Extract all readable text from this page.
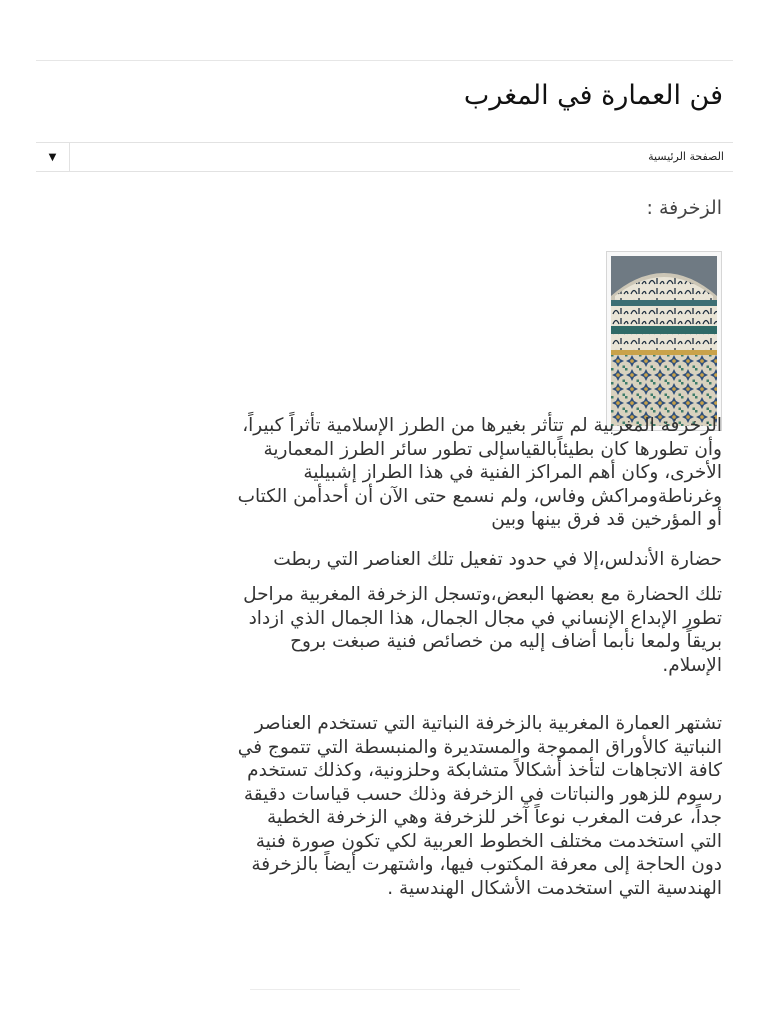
فن العمارة في المغرب
الصفحة الرئيسية
▼
الزخرفة :

الزخرفة المغربية لم تتأثر بغيرها من الطرز الإسلامية تأثراً كبيراً، وأن تطورها كان بطيئاًبالقياسإلى تطور سائر الطرز المعمارية الأخرى، وكان أهم المراكز الفنية في هذا الطراز إشبيلية وغرناطةومراكش وفاس، ولم نسمع حتى الآن أن أحدأمن الكتاب أو المؤرخين قد فرق بينها وبين

حضارة الأندلس،إلا في حدود تفعيل تلك العناصر التي ربطت

تلك الحضارة مع بعضها البعض،وتسجل الزخرفة المغربية مراحل تطور الإبداع الإنساني في مجال الجمال، هذا الجمال الذي ازداد بريقاً ولمعا نأبما أضاف إليه من خصائص فنية صبغت بروح الإسلام.

تشتهر العمارة المغربية بالزخرفة النباتية التي تستخدم العناصر النباتية كالأوراق المموجة والمستديرة والمنبسطة التي تتموج في كافة الاتجاهات لتأخذ أشكالاً متشابكة وحلزونية، وكذلك تستخدم رسوم للزهور والنباتات في الزخرفة وذلك حسب قياسات دقيقة جداً، عرفت المغرب نوعاً آخر للزخرفة وهي الزخرفة الخطية التي استخدمت مختلف الخطوط العربية لكي تكون صورة فنية دون الحاجة إلى معرفة المكتوب فيها، واشتهرت أيضاً بالزخرفة الهندسية التي استخدمت الأشكال الهندسية .
